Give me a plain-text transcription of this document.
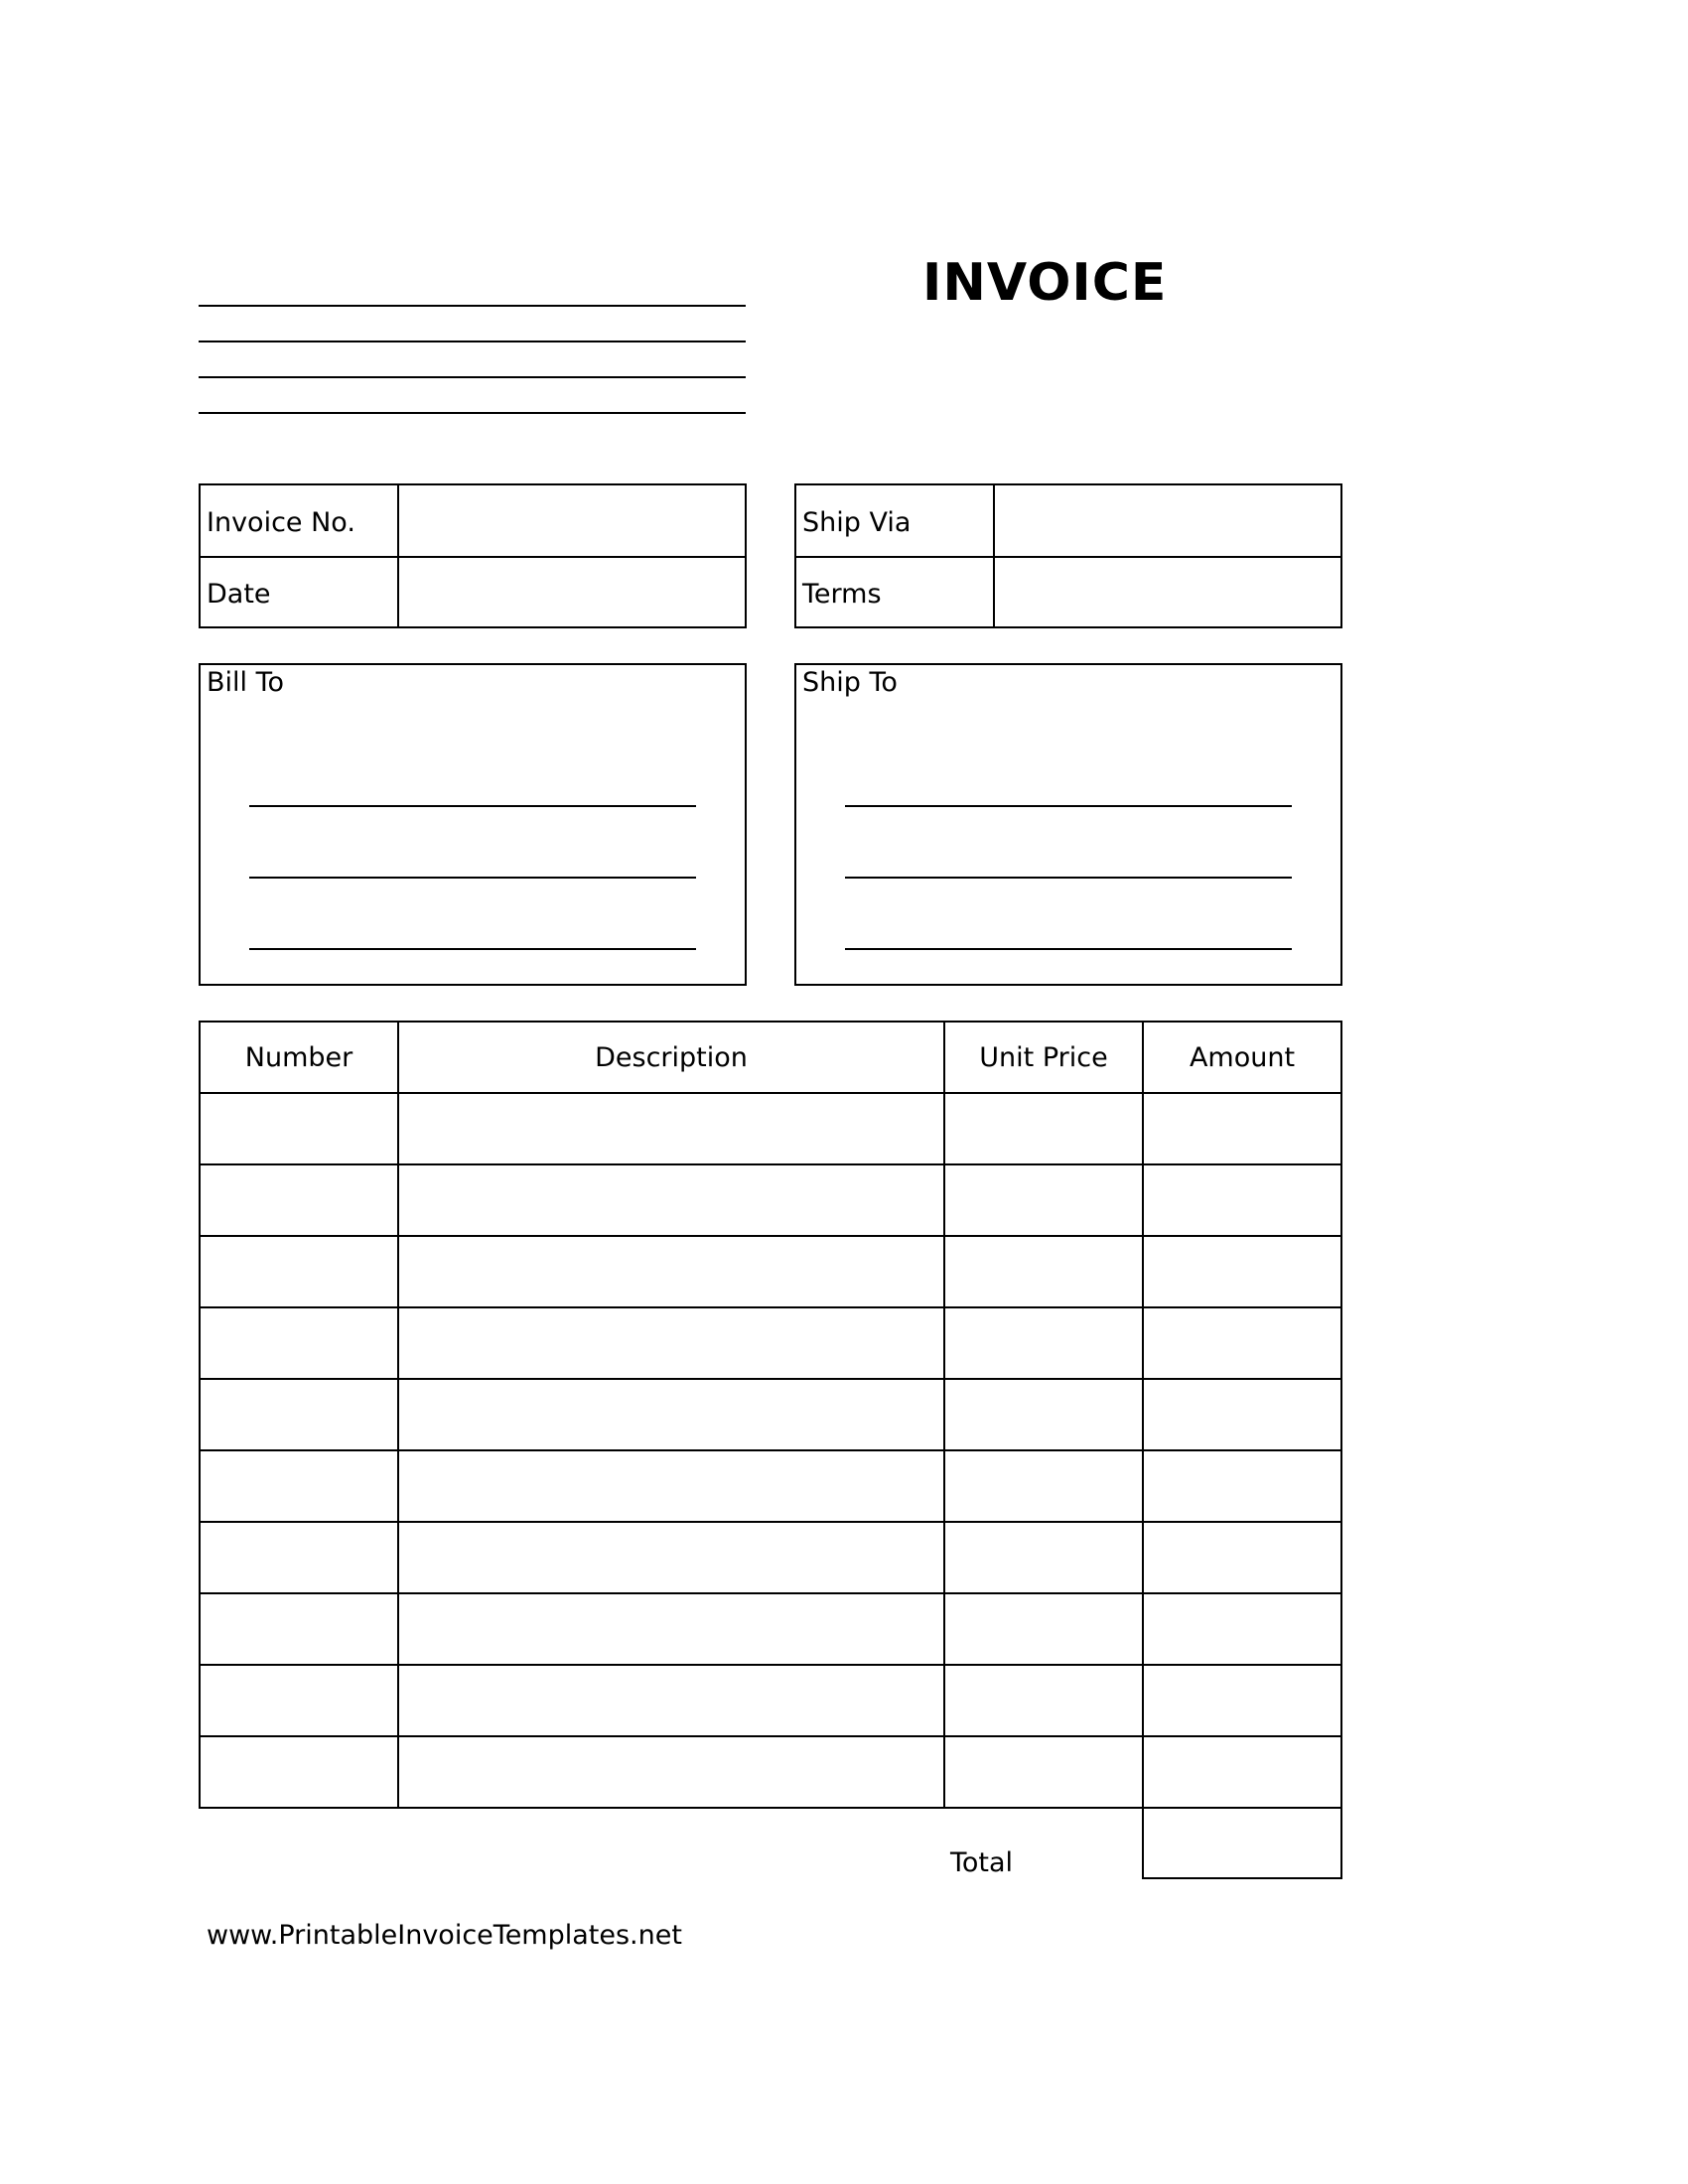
INVOICE
Invoice No.
Date
Ship Via
Terms
Bill To	Ship To
Number	Description	Unit Price	Amount

Total
www.PrintableInvoiceTemplates.net
